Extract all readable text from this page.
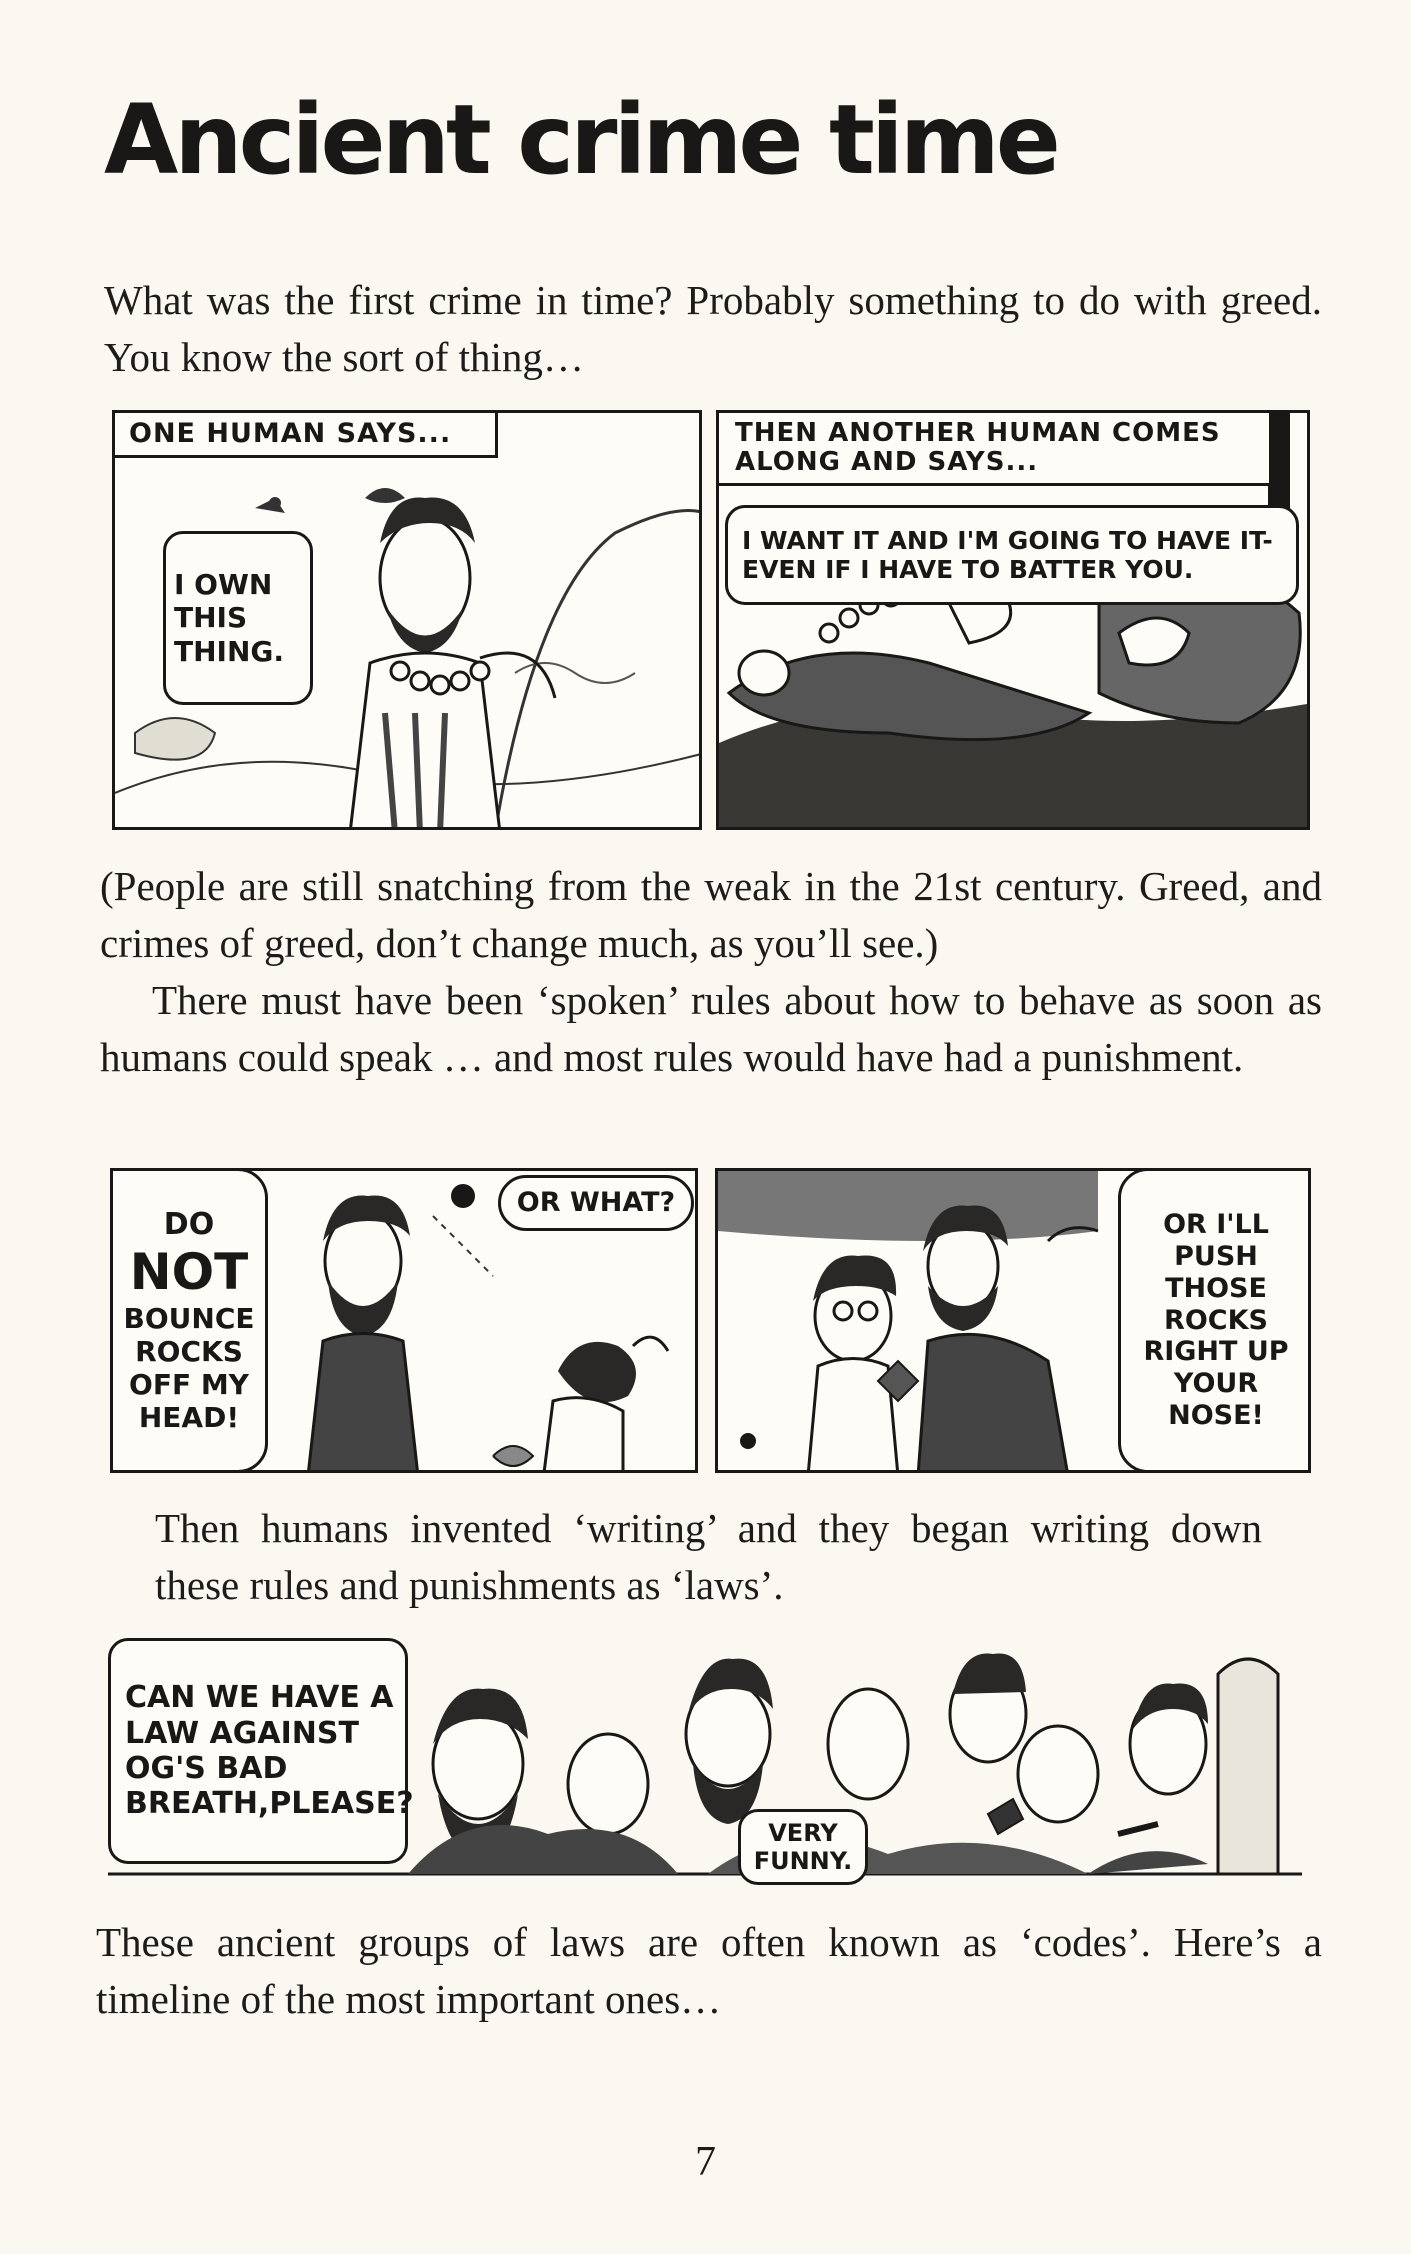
Ancient crime time

What was the first crime in time? Probably something to do with greed. You know the sort of thing…

ONE HUMAN SAYS...
I OWN THIS THING.
THEN ANOTHER HUMAN COMES ALONG AND SAYS...
I WANT IT AND I'M GOING TO HAVE IT-EVEN IF I HAVE TO BATTER YOU.

(People are still snatching from the weak in the 21st century. Greed, and crimes of greed, don’t change much, as you’ll see.)

There must have been ‘spoken’ rules about how to behave as soon as humans could speak … and most rules would have had a punishment.

DO
NOT
BOUNCE ROCKS OFF MY HEAD!
OR WHAT?
OR I'LL PUSH THOSE ROCKS RIGHT UP YOUR NOSE!

Then humans invented ‘writing’ and they began writing down these rules and punishments as ‘laws’.

CAN WE HAVE A LAW AGAINST OG'S BAD BREATH,PLEASE?
VERY FUNNY.

These ancient groups of laws are often known as ‘codes’. Here’s a timeline of the most important ones…

7
